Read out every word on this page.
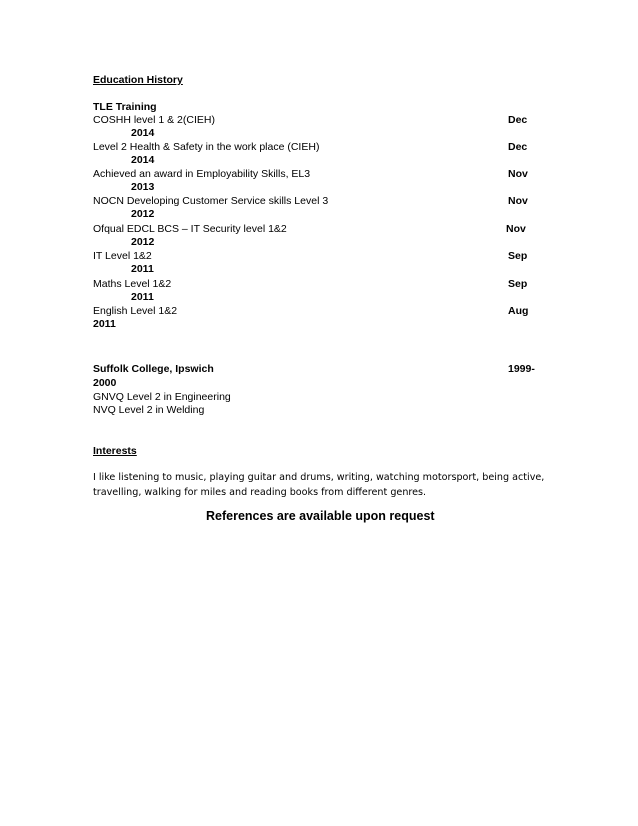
Education History
TLE Training
COSHH level 1 & 2(CIEH)	Dec
2014
Level 2 Health & Safety in the work place (CIEH)	Dec
2014
Achieved an award in Employability Skills, EL3	Nov
2013
NOCN Developing Customer Service skills Level 3	Nov
2012
Ofqual EDCL BCS – IT Security level 1&2	Nov
2012
IT Level 1&2	Sep
2011
Maths Level 1&2	Sep
2011
English Level 1&2	Aug
2011
Suffolk College, Ipswich	1999-
2000
GNVQ Level 2 in Engineering
NVQ Level 2 in Welding
Interests
I like listening to music, playing guitar and drums, writing, watching motorsport, being active,
travelling, walking for miles and reading books from different genres.
References are available upon request
